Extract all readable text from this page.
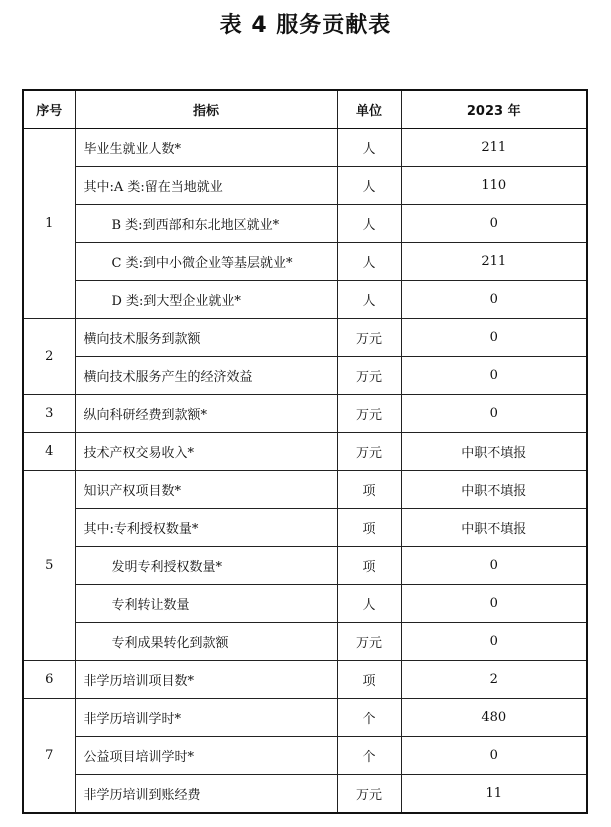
表 4 服务贡献表
序号	指标	单位	2023 年
1	毕业生就业人数*	人	211
	其中:A 类:留在当地就业	人	110
	B 类:到西部和东北地区就业*	人	0
	C 类:到中小微企业等基层就业*	人	211
	D 类:到大型企业就业*	人	0
2	横向技术服务到款额	万元	0
	横向技术服务产生的经济效益	万元	0
3	纵向科研经费到款额*	万元	0
4	技术产权交易收入*	万元	中职不填报
5	知识产权项目数*	项	中职不填报
	其中:专利授权数量*	项	中职不填报
	发明专利授权数量*	项	0
	专利转让数量	人	0
	专利成果转化到款额	万元	0
6	非学历培训项目数*	项	2
7	非学历培训学时*	个	480
	公益项目培训学时*	个	0
	非学历培训到账经费	万元	11
